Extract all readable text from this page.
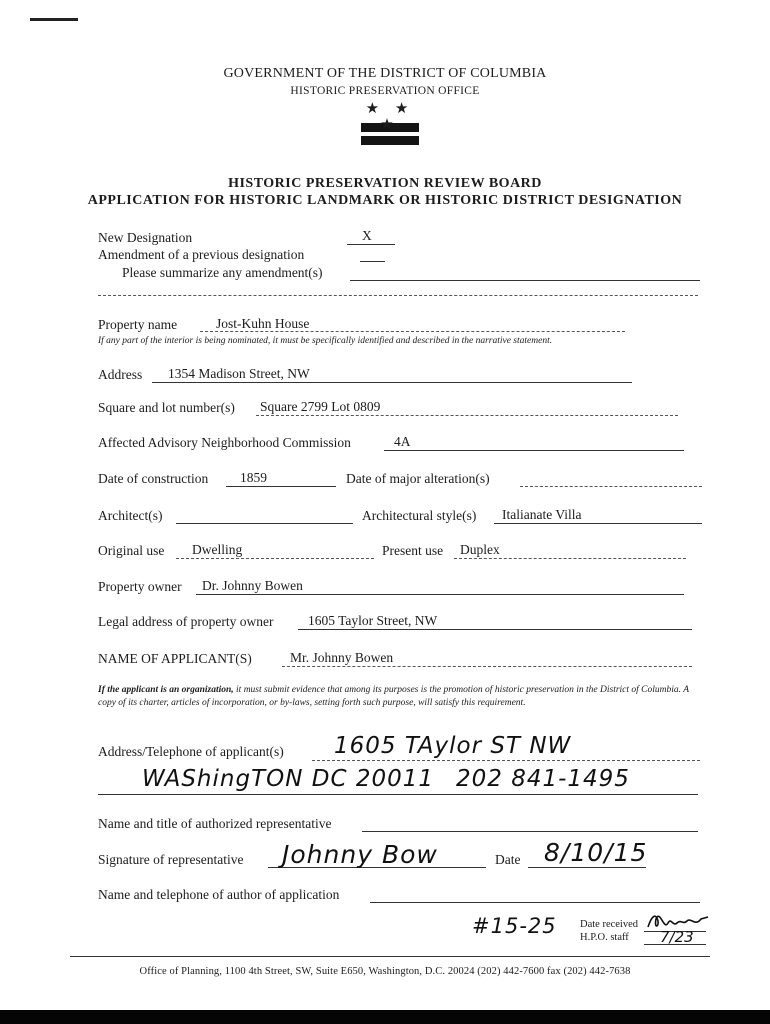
GOVERNMENT OF THE DISTRICT OF COLUMBIA
HISTORIC PRESERVATION OFFICE
★ ★ ★
HISTORIC PRESERVATION REVIEW BOARD
APPLICATION FOR HISTORIC LANDMARK OR HISTORIC DISTRICT DESIGNATION
New Designation	X
Amendment of a previous designation
Please summarize any amendment(s)
Property name	Jost-Kuhn House
If any part of the interior is being nominated, it must be specifically identified and described in the narrative statement.
Address 1354 Madison Street, NW
Square and lot number(s) Square 2799 Lot 0809
Affected Advisory Neighborhood Commission	4A
Date of construction 1859	Date of major alteration(s)
Architect(s)	Architectural style(s) Italianate Villa
Original use Dwelling	Present use Duplex
Property owner Dr. Johnny Bowen
Legal address of property owner	1605 Taylor Street, NW
NAME OF APPLICANT(S)	Mr. Johnny Bowen
If the applicant is an organization, it must submit evidence that among its purposes is the promotion of historic preservation in the District of Columbia. A copy of its charter, articles of incorporation, or by-laws, setting forth such purpose, will satisfy this requirement.
Address/Telephone of applicant(s) 1605 TAylor ST NW
WAShingTON DC 20011 202 841-1495
Name and title of authorized representative
Signature of representative Johnny Bow	Date 8/10/15
Name and telephone of author of application
#15-25 Date received
H.P.O. staff 7/23
Office of Planning, 1100 4th Street, SW, Suite E650, Washington, D.C. 20024 (202) 442-7600 fax (202) 442-7638
